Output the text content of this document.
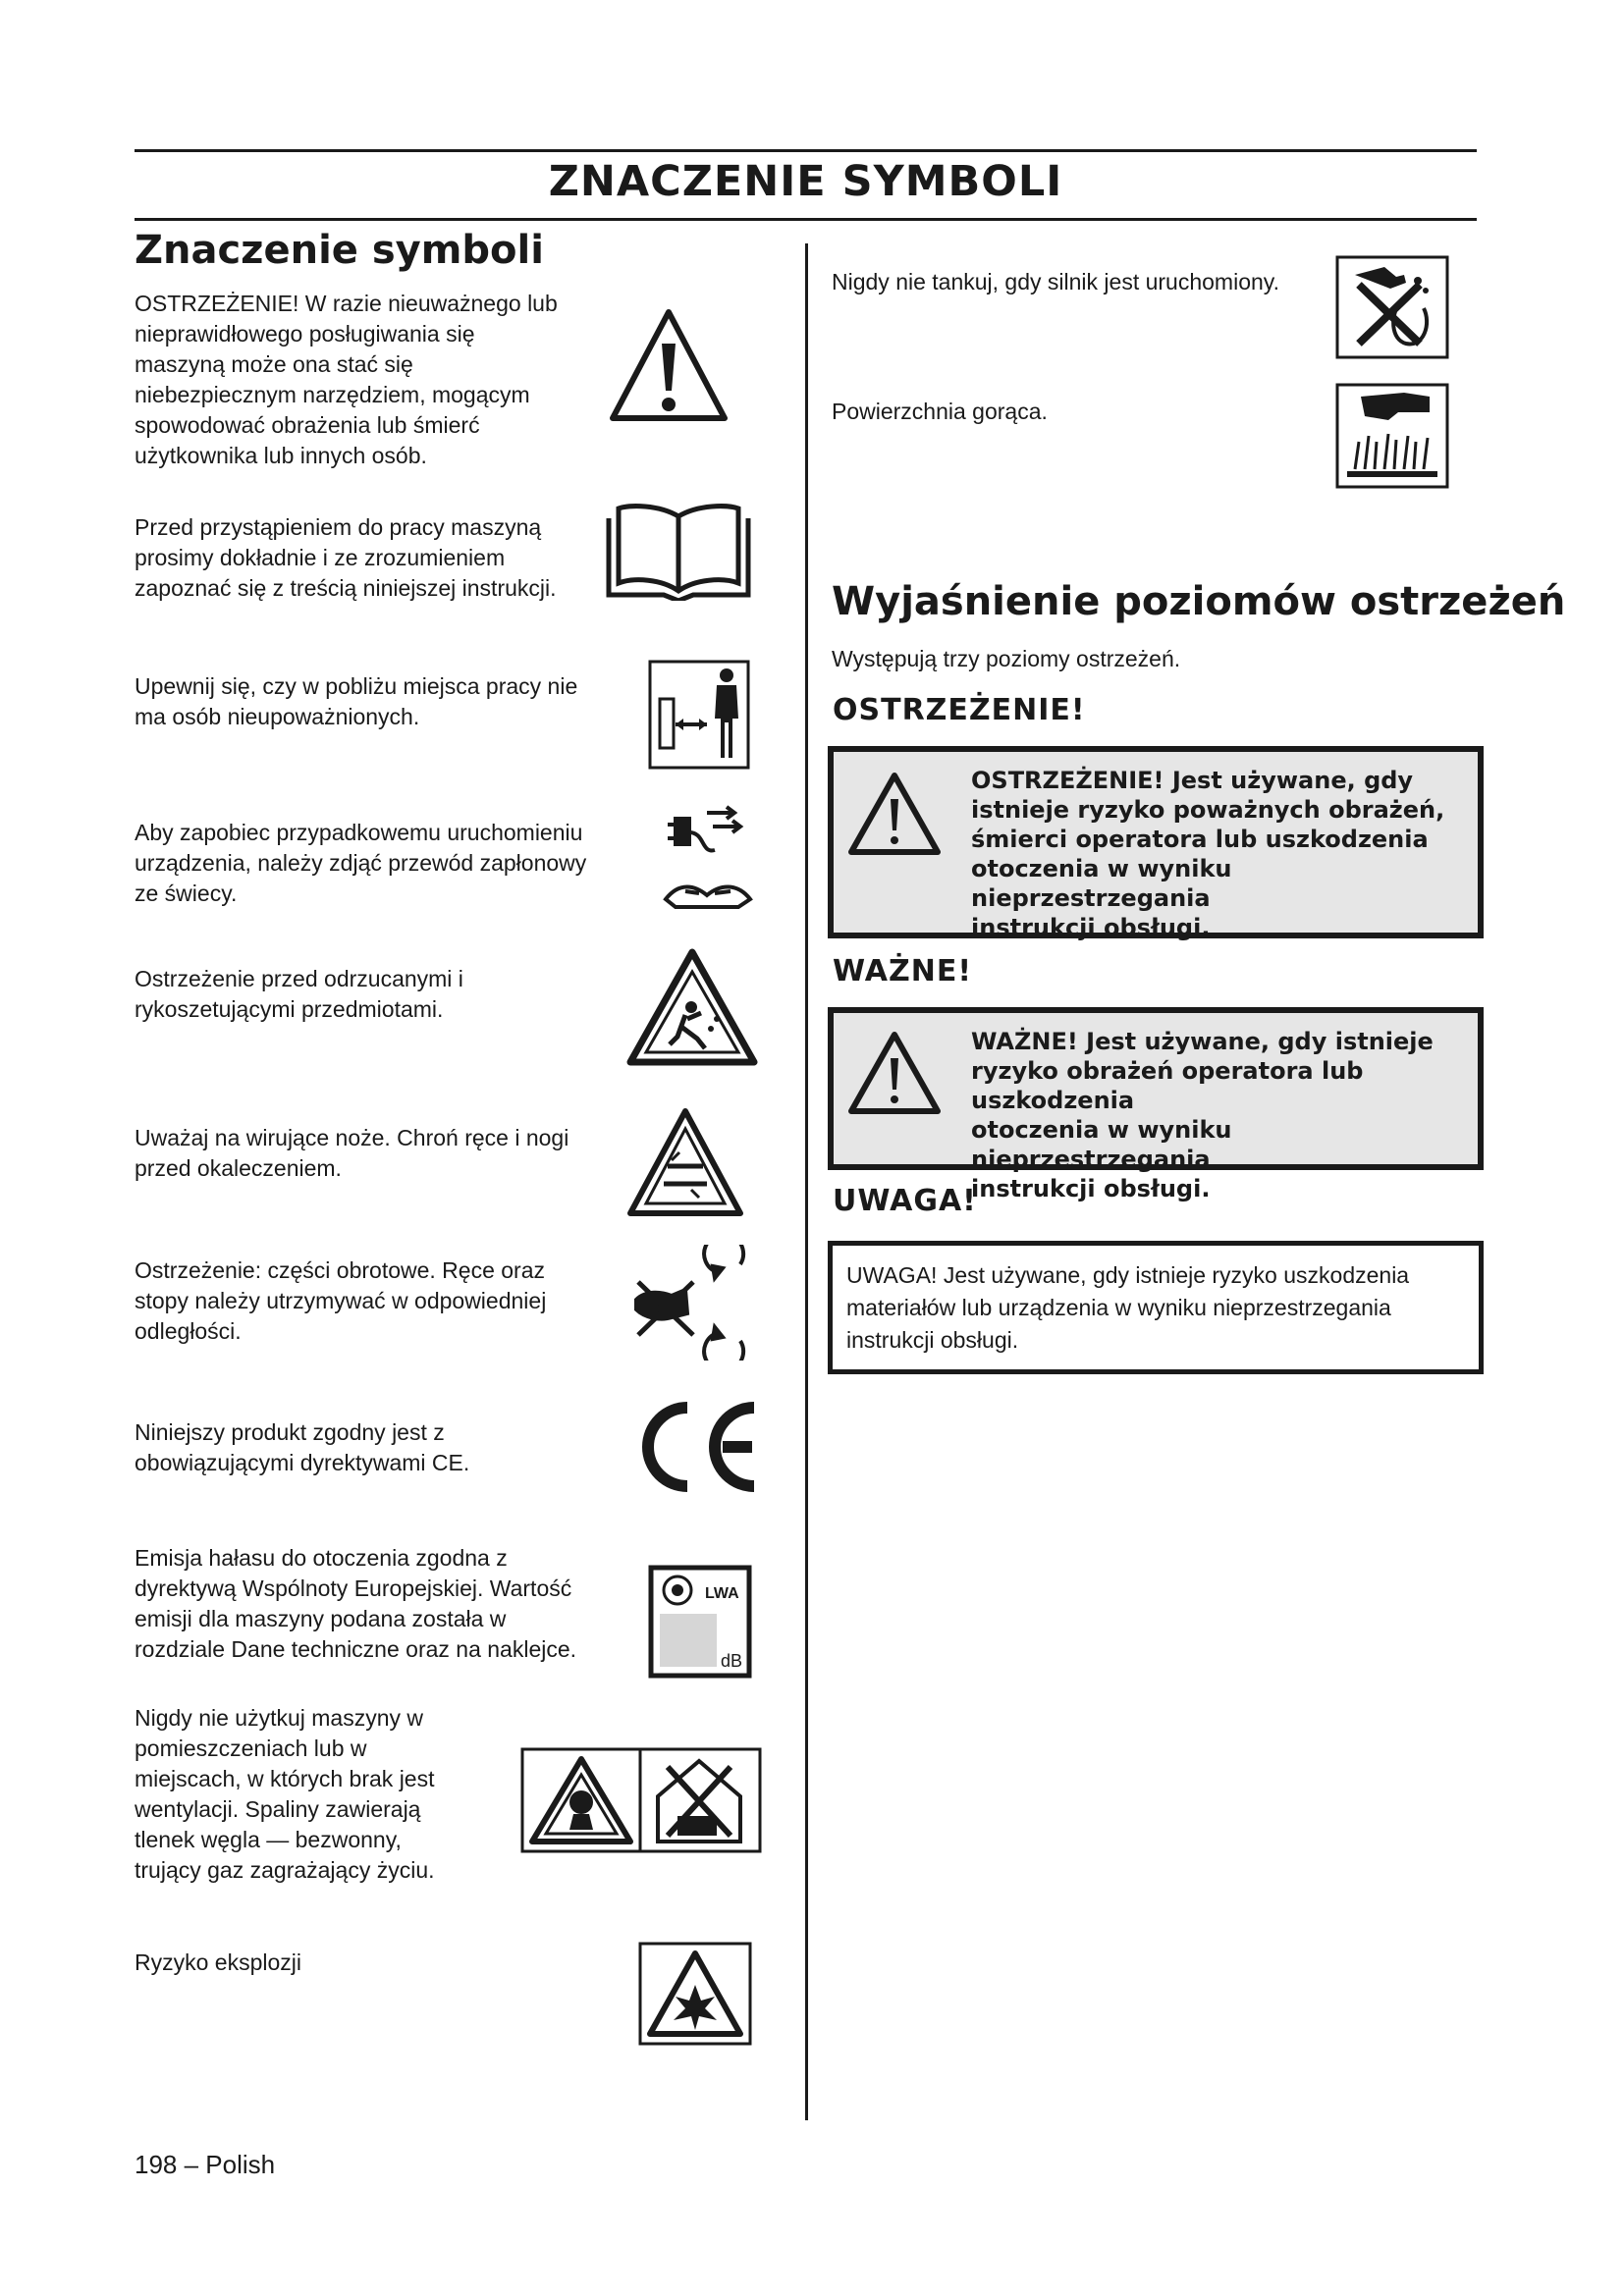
ZNACZENIE SYMBOLI
Znaczenie symboli
OSTRZEŻENIE! W razie nieuważnego lub
nieprawidłowego posługiwania się
maszyną może ona stać się
niebezpiecznym narzędziem, mogącym
spowodować obrażenia lub śmierć
użytkownika lub innych osób.
Przed przystąpieniem do pracy maszyną
prosimy dokładnie i ze zrozumieniem
zapoznać się z treścią niniejszej instrukcji.
Upewnij się, czy w pobliżu miejsca pracy nie
ma osób nieupoważnionych.
Aby zapobiec przypadkowemu uruchomieniu
urządzenia, należy zdjąć przewód zapłonowy
ze świecy.
Ostrzeżenie przed odrzucanymi i
rykoszetującymi przedmiotami.
Uważaj na wirujące noże. Chroń ręce i nogi
przed okaleczeniem.
Ostrzeżenie: części obrotowe. Ręce oraz
stopy należy utrzymywać w odpowiedniej
odległości.
Niniejszy produkt zgodny jest z
obowiązującymi dyrektywami CE.
Emisja hałasu do otoczenia zgodna z
dyrektywą Wspólnoty Europejskiej. Wartość
emisji dla maszyny podana została w
rozdziale Dane techniczne oraz na naklejce.
LWA
dB
Nigdy nie użytkuj maszyny w
pomieszczeniach lub w
miejscach, w których brak jest
wentylacji. Spaliny zawierają
tlenek węgla — bezwonny,
trujący gaz zagrażający życiu.
Ryzyko eksplozji
Nigdy nie tankuj, gdy silnik jest uruchomiony.
Powierzchnia gorąca.
Wyjaśnienie poziomów ostrzeżeń
Występują trzy poziomy ostrzeżeń.
OSTRZEŻENIE!
OSTRZEŻENIE! Jest używane, gdy
istnieje ryzyko poważnych obrażeń,
śmierci operatora lub uszkodzenia
otoczenia w wyniku nieprzestrzegania
instrukcji obsługi.
WAŻNE!
WAŻNE! Jest używane, gdy istnieje
ryzyko obrażeń operatora lub uszkodzenia
otoczenia w wyniku nieprzestrzegania
instrukcji obsługi.
UWAGA!
UWAGA! Jest używane, gdy istnieje ryzyko uszkodzenia
materiałów lub urządzenia w wyniku nieprzestrzegania
instrukcji obsługi.
198 – Polish
